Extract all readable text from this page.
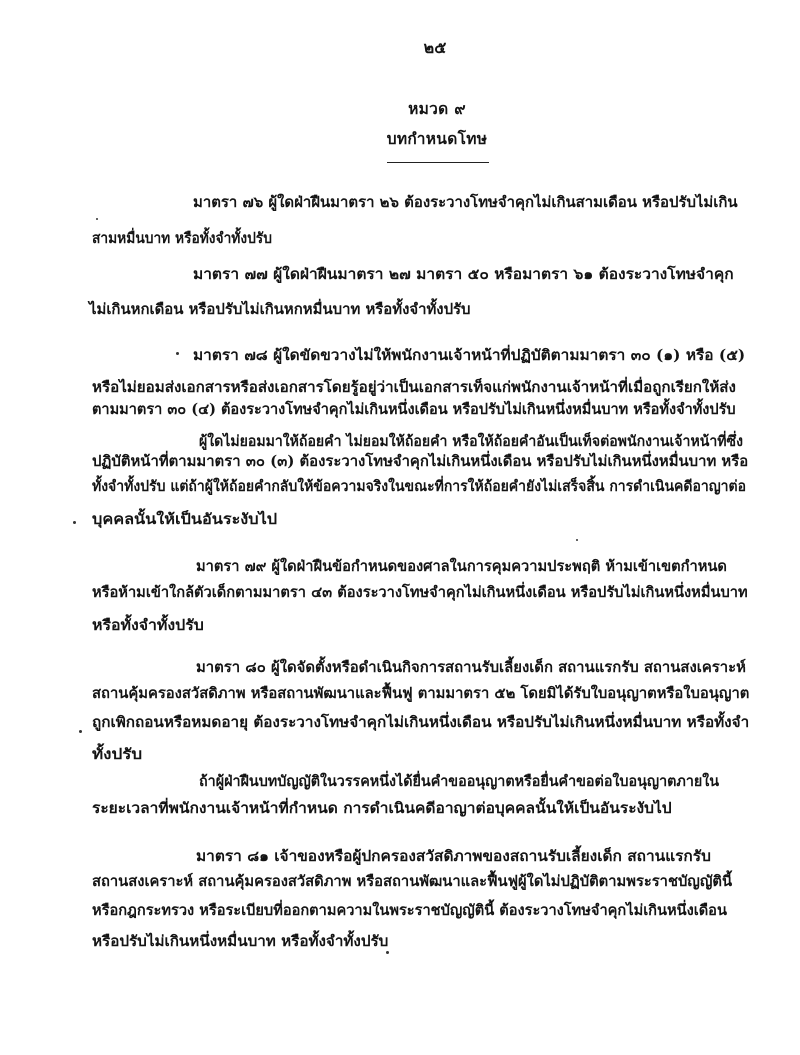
๒๕
หมวด ๙
บทกำหนดโทษ
มาตรา ๗๖ ผู้ใดฝ่าฝืนมาตรา ๒๖ ต้องระวางโทษจำคุกไม่เกินสามเดือน หรือปรับไม่เกิน
สามหมื่นบาท หรือทั้งจำทั้งปรับ
มาตรา ๗๗ ผู้ใดฝ่าฝืนมาตรา ๒๗ มาตรา ๕๐ หรือมาตรา ๖๑ ต้องระวางโทษจำคุก
ไม่เกินหกเดือน หรือปรับไม่เกินหกหมื่นบาท หรือทั้งจำทั้งปรับ
มาตรา ๗๘ ผู้ใดขัดขวางไม่ให้พนักงานเจ้าหน้าที่ปฏิบัติตามมาตรา ๓๐ (๑) หรือ (๕)
หรือไม่ยอมส่งเอกสารหรือส่งเอกสารโดยรู้อยู่ว่าเป็นเอกสารเท็จแก่พนักงานเจ้าหน้าที่เมื่อถูกเรียกให้ส่ง
ตามมาตรา ๓๐ (๔) ต้องระวางโทษจำคุกไม่เกินหนึ่งเดือน หรือปรับไม่เกินหนึ่งหมื่นบาท หรือทั้งจำทั้งปรับ
ผู้ใดไม่ยอมมาให้ถ้อยคำ ไม่ยอมให้ถ้อยคำ หรือให้ถ้อยคำอันเป็นเท็จต่อพนักงานเจ้าหน้าที่ซึ่ง
ปฏิบัติหน้าที่ตามมาตรา ๓๐ (๓) ต้องระวางโทษจำคุกไม่เกินหนึ่งเดือน หรือปรับไม่เกินหนึ่งหมื่นบาท หรือ
ทั้งจำทั้งปรับ แต่ถ้าผู้ให้ถ้อยคำกลับให้ข้อความจริงในขณะที่การให้ถ้อยคำยังไม่เสร็จสิ้น การดำเนินคดีอาญาต่อ
บุคคลนั้นให้เป็นอันระงับไป
มาตรา ๗๙ ผู้ใดฝ่าฝืนข้อกำหนดของศาลในการคุมความประพฤติ ห้ามเข้าเขตกำหนด
หรือห้ามเข้าใกล้ตัวเด็กตามมาตรา ๔๓ ต้องระวางโทษจำคุกไม่เกินหนึ่งเดือน หรือปรับไม่เกินหนึ่งหมื่นบาท
หรือทั้งจำทั้งปรับ
มาตรา ๘๐ ผู้ใดจัดตั้งหรือดำเนินกิจการสถานรับเลี้ยงเด็ก สถานแรกรับ สถานสงเคราะห์
สถานคุ้มครองสวัสดิภาพ หรือสถานพัฒนาและฟื้นฟู ตามมาตรา ๕๒ โดยมิได้รับใบอนุญาตหรือใบอนุญาต
ถูกเพิกถอนหรือหมดอายุ ต้องระวางโทษจำคุกไม่เกินหนึ่งเดือน หรือปรับไม่เกินหนึ่งหมื่นบาท หรือทั้งจำ
ทั้งปรับ
ถ้าผู้ฝ่าฝืนบทบัญญัติในวรรคหนึ่งได้ยื่นคำขออนุญาตหรือยื่นคำขอต่อใบอนุญาตภายใน
ระยะเวลาที่พนักงานเจ้าหน้าที่กำหนด การดำเนินคดีอาญาต่อบุคคลนั้นให้เป็นอันระงับไป
มาตรา ๘๑ เจ้าของหรือผู้ปกครองสวัสดิภาพของสถานรับเลี้ยงเด็ก สถานแรกรับ
สถานสงเคราะห์ สถานคุ้มครองสวัสดิภาพ หรือสถานพัฒนาและฟื้นฟูผู้ใดไม่ปฏิบัติตามพระราชบัญญัตินี้
หรือกฎกระทรวง หรือระเบียบที่ออกตามความในพระราชบัญญัตินี้ ต้องระวางโทษจำคุกไม่เกินหนึ่งเดือน
หรือปรับไม่เกินหนึ่งหมื่นบาท หรือทั้งจำทั้งปรับ
